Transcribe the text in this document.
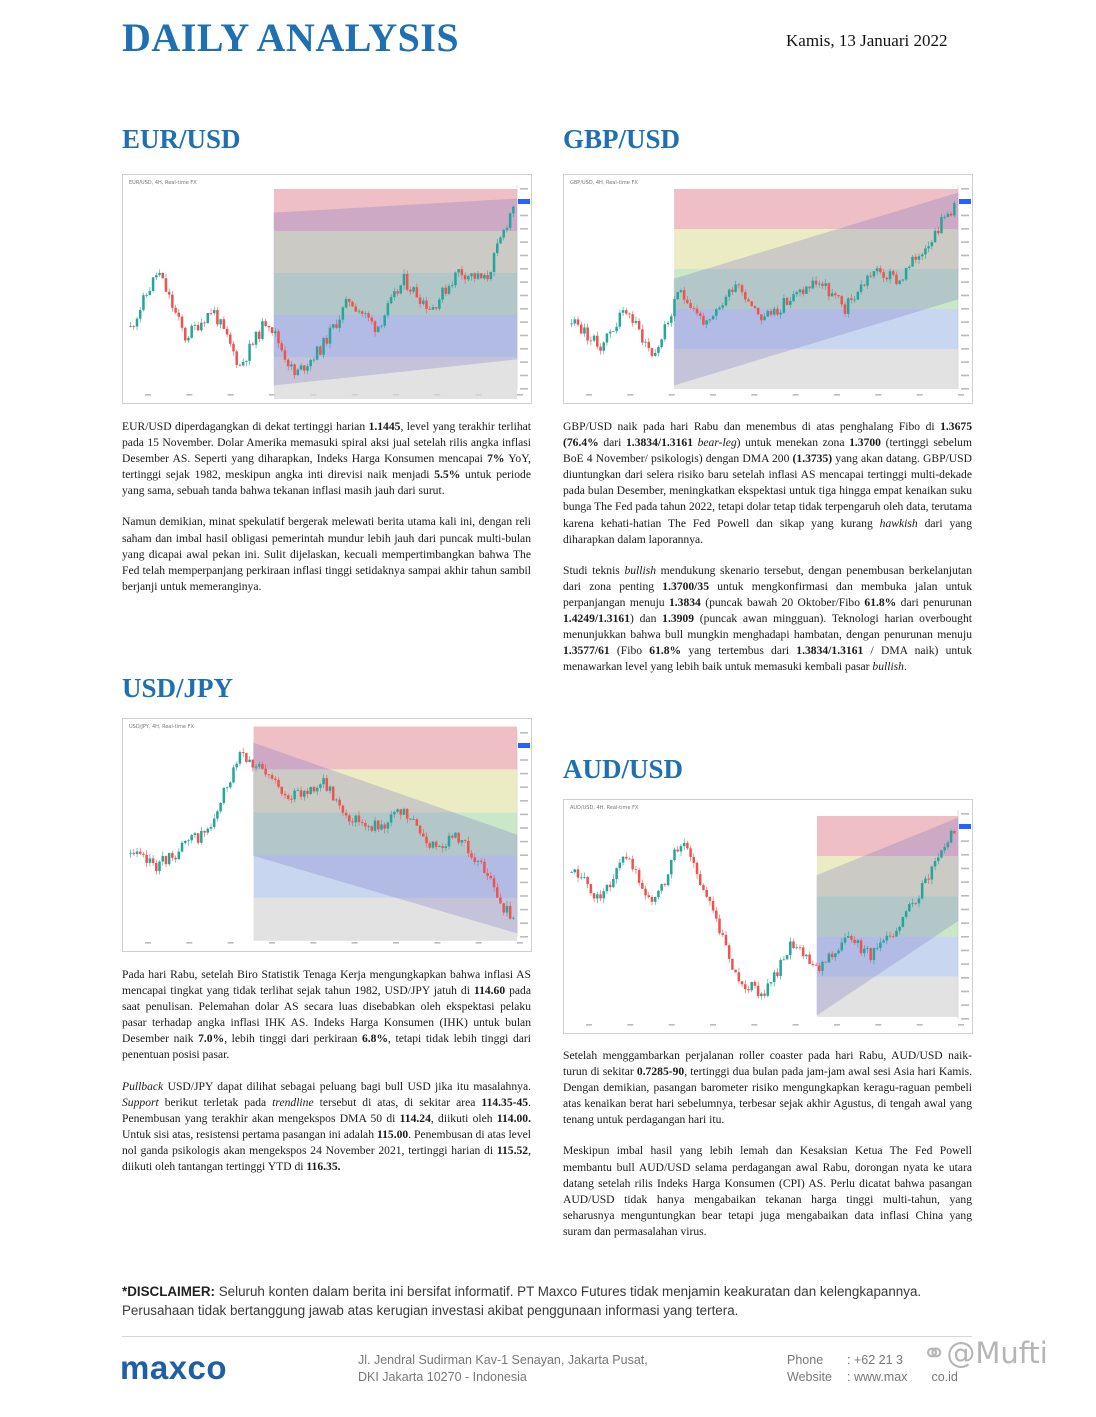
DAILY ANALYSIS	Kamis, 13 Januari 2022
EUR/USD
EUR/USD, 4H, Real-time FX

EUR/USD diperdagangkan di dekat tertinggi harian 1.1445, level yang terakhir terlihat pada 15 November. Dolar Amerika memasuki spiral aksi jual setelah rilis angka inflasi Desember AS. Seperti yang diharapkan, Indeks Harga Konsumen mencapai 7% YoY, tertinggi sejak 1982, meskipun angka inti direvisi naik menjadi 5.5% untuk periode yang sama, sebuah tanda bahwa tekanan inflasi masih jauh dari surut.

Namun demikian, minat spekulatif bergerak melewati berita utama kali ini, dengan reli saham dan imbal hasil obligasi pemerintah mundur lebih jauh dari puncak multi-bulan yang dicapai awal pekan ini. Sulit dijelaskan, kecuali mempertimbangkan bahwa The Fed telah memperpanjang perkiraan inflasi tinggi setidaknya sampai akhir tahun sambil berjanji untuk memeranginya.

GBP/USD
GBP/USD, 4H, Real-time FX

GBP/USD naik pada hari Rabu dan menembus di atas penghalang Fibo di 1.3675 (76.4% dari 1.3834/1.3161 bear-leg) untuk menekan zona 1.3700 (tertinggi sebelum BoE 4 November/ psikologis) dengan DMA 200 (1.3735) yang akan datang. GBP/USD diuntungkan dari selera risiko baru setelah inflasi AS mencapai tertinggi multi-dekade pada bulan Desember, meningkatkan ekspektasi untuk tiga hingga empat kenaikan suku bunga The Fed pada tahun 2022, tetapi dolar tetap tidak terpengaruh oleh data, terutama karena kehati-hatian The Fed Powell dan sikap yang kurang hawkish dari yang diharapkan dalam laporannya.

Studi teknis bullish mendukung skenario tersebut, dengan penembusan berkelanjutan dari zona penting 1.3700/35 untuk mengkonfirmasi dan membuka jalan untuk perpanjangan menuju 1.3834 (puncak bawah 20 Oktober/Fibo 61.8% dari penurunan 1.4249/1.3161) dan 1.3909 (puncak awan mingguan). Teknologi harian overbought menunjukkan bahwa bull mungkin menghadapi hambatan, dengan penurunan menuju 1.3577/61 (Fibo 61.8% yang tertembus dari 1.3834/1.3161 / DMA naik) untuk menawarkan level yang lebih baik untuk memasuki kembali pasar bullish.

USD/JPY
USD/JPY, 4H, Real-time FX

Pada hari Rabu, setelah Biro Statistik Tenaga Kerja mengungkapkan bahwa inflasi AS mencapai tingkat yang tidak terlihat sejak tahun 1982, USD/JPY jatuh di 114.60 pada saat penulisan. Pelemahan dolar AS secara luas disebabkan oleh ekspektasi pelaku pasar terhadap angka inflasi IHK AS. Indeks Harga Konsumen (IHK) untuk bulan Desember naik 7.0%, lebih tinggi dari perkiraan 6.8%, tetapi tidak lebih tinggi dari penentuan posisi pasar.

Pullback USD/JPY dapat dilihat sebagai peluang bagi bull USD jika itu masalahnya. Support berikut terletak pada trendline tersebut di atas, di sekitar area 114.35-45. Penembusan yang terakhir akan mengekspos DMA 50 di 114.24, diikuti oleh 114.00. Untuk sisi atas, resistensi pertama pasangan ini adalah 115.00. Penembusan di atas level nol ganda psikologis akan mengekspos 24 November 2021, tertinggi harian di 115.52, diikuti oleh tantangan tertinggi YTD di 116.35.

AUD/USD
AUD/USD, 4H, Real-time FX

Setelah menggambarkan perjalanan roller coaster pada hari Rabu, AUD/USD naik-turun di sekitar 0.7285-90, tertinggi dua bulan pada jam-jam awal sesi Asia hari Kamis. Dengan demikian, pasangan barometer risiko mengungkapkan keragu-raguan pembeli atas kenaikan berat hari sebelumnya, terbesar sejak akhir Agustus, di tengah awal yang tenang untuk perdagangan hari itu.

Meskipun imbal hasil yang lebih lemah dan Kesaksian Ketua The Fed Powell membantu bull AUD/USD selama perdagangan awal Rabu, dorongan nyata ke utara datang setelah rilis Indeks Harga Konsumen (CPI) AS. Perlu dicatat bahwa pasangan AUD/USD tidak hanya mengabaikan tekanan harga tinggi multi-tahun, yang seharusnya menguntungkan bear tetapi juga mengabaikan data inflasi China yang suram dan permasalahan virus.

*DISCLAIMER: Seluruh konten dalam berita ini bersifat informatif. PT Maxco Futures tidak menjamin keakuratan dan kelengkapannya. Perusahaan tidak bertanggung jawab atas kerugian investasi akibat penggunaan informasi yang tertera.
maxco	Jl. Jendral Sudirman Kav-1 Senayan, Jakarta Pusat,
DKI Jakarta 10270 - Indonesia
Phone : +62 21 3
Website : www.max co.id
⚭@Mufti
